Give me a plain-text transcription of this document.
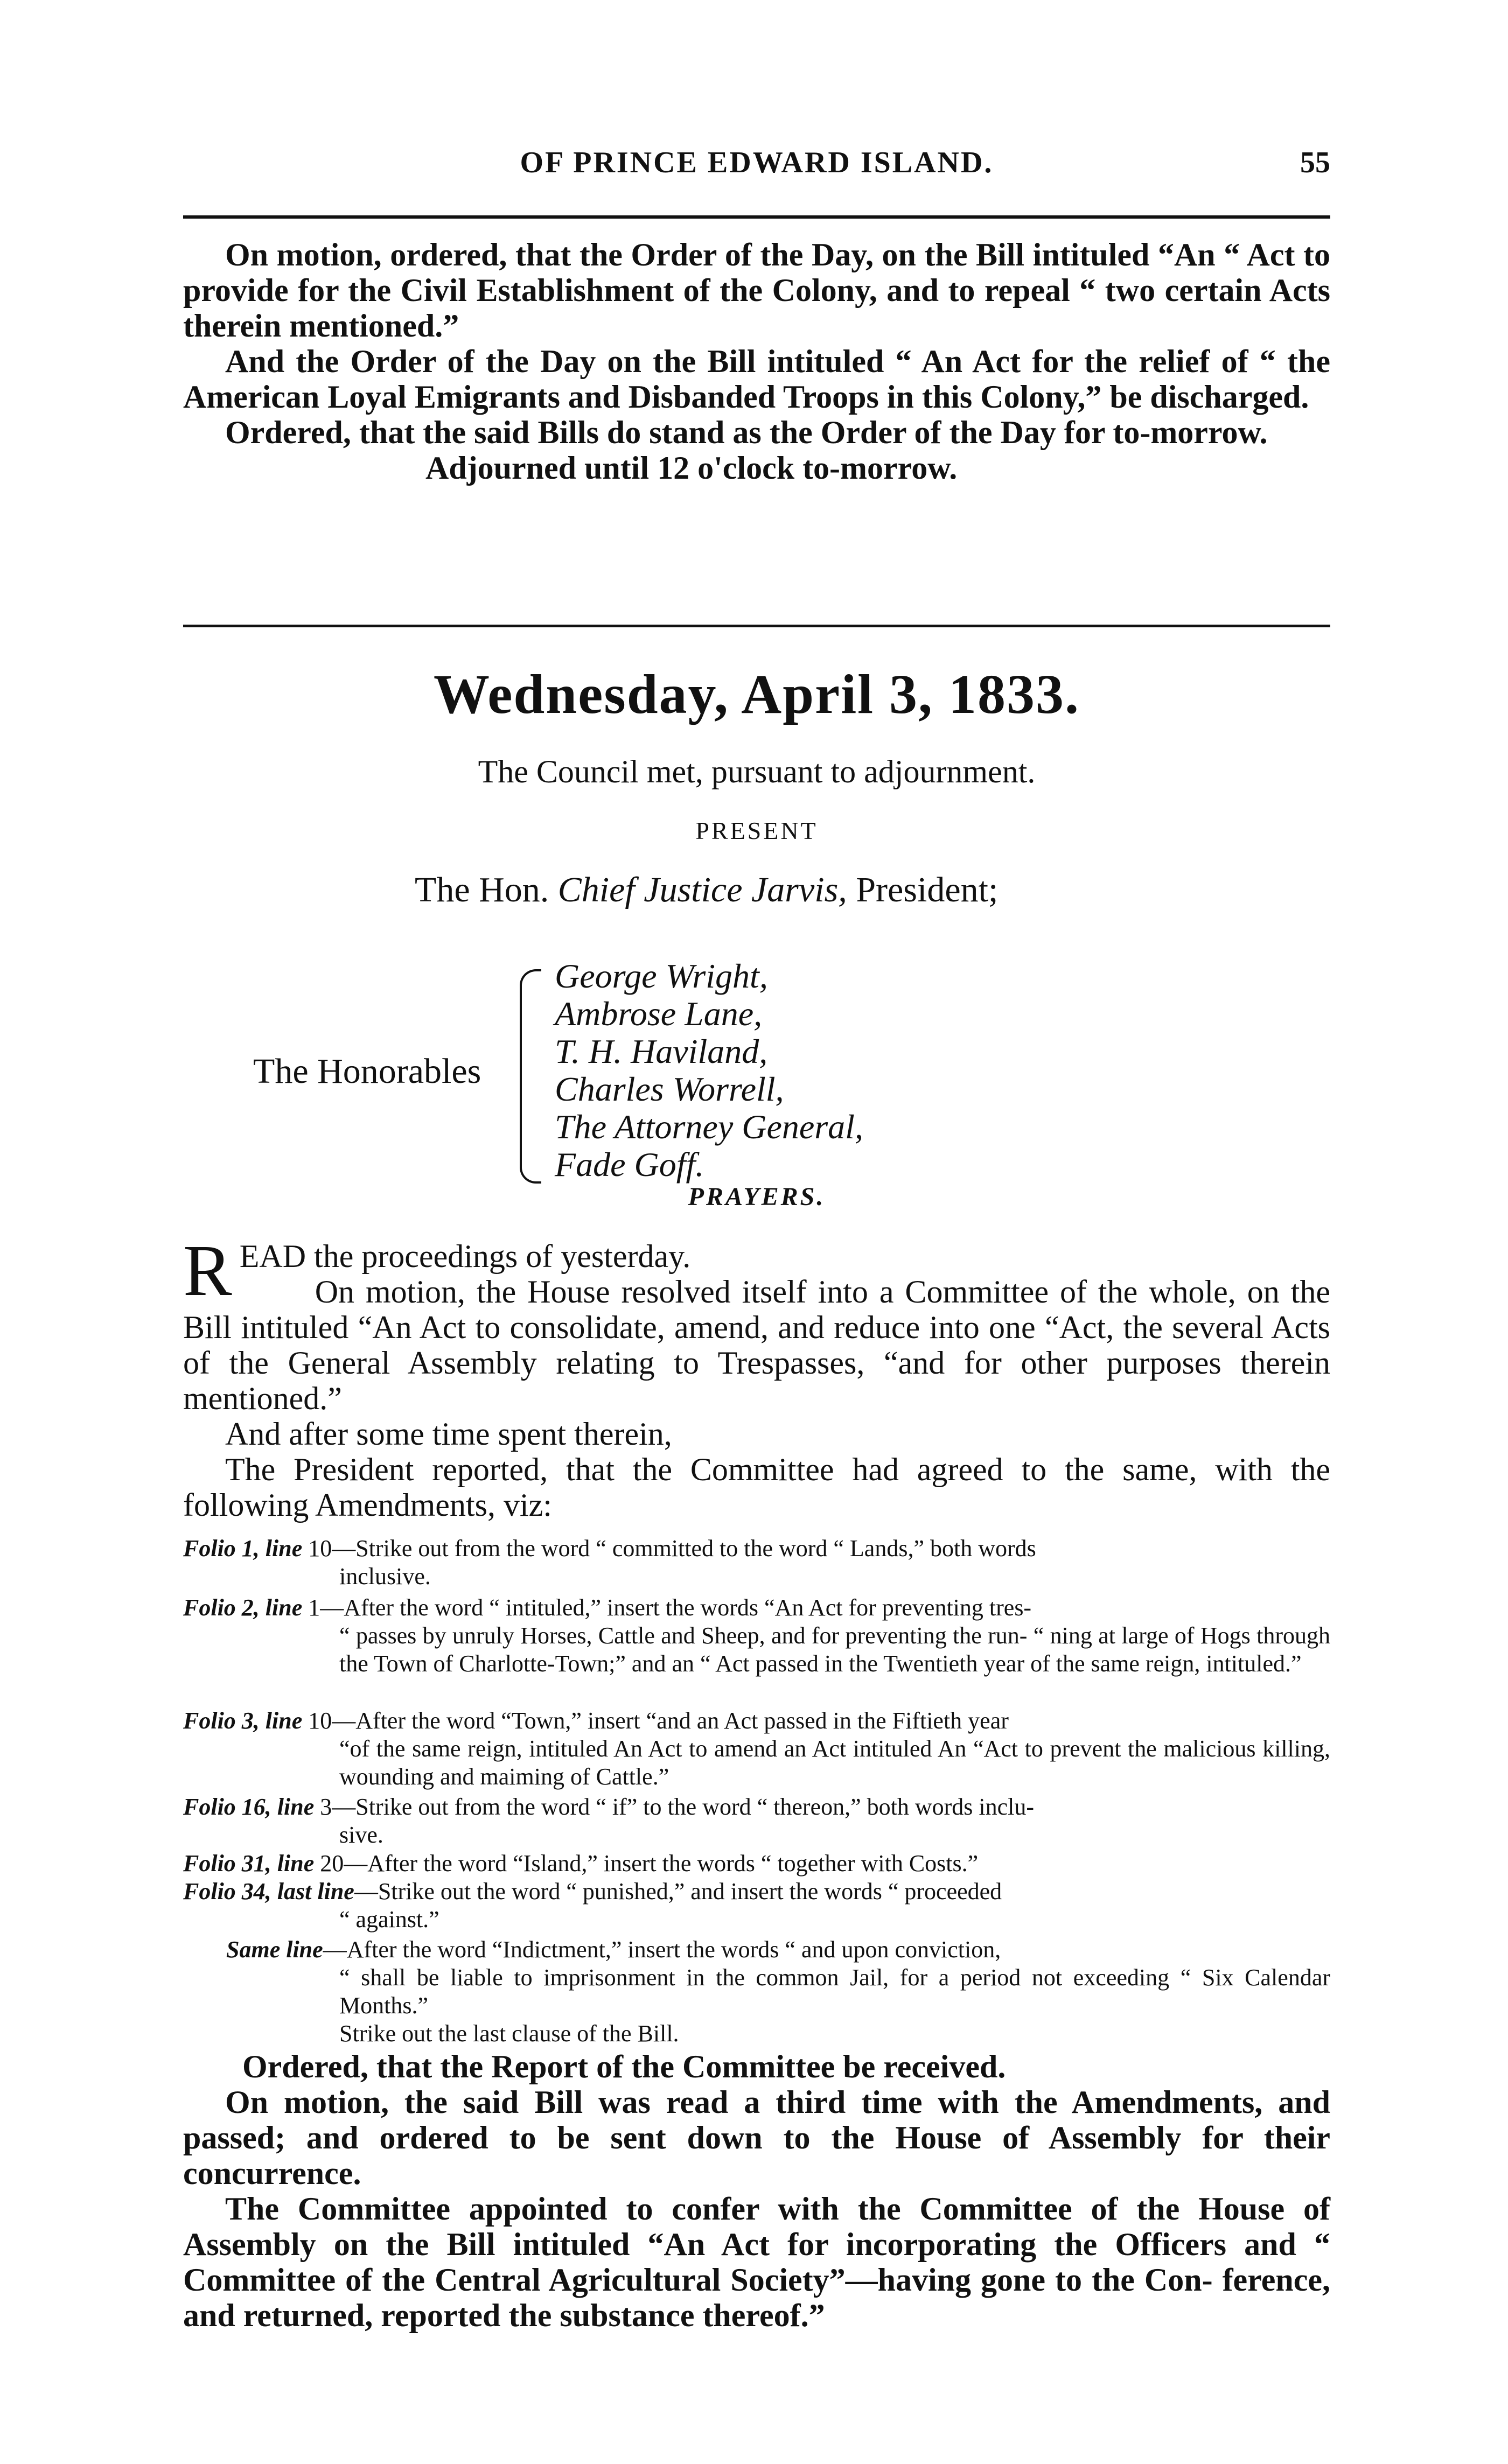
OF PRINCE EDWARD ISLAND.	55

On motion, ordered, that the Order of the Day, on the Bill intituled “An “ Act to provide for the Civil Establishment of the Colony, and to repeal “ two certain Acts therein mentioned.”

And the Order of the Day on the Bill intituled “ An Act for the relief of “ the American Loyal Emigrants and Disbanded Troops in this Colony,” be discharged.

Ordered, that the said Bills do stand as the Order of the Day for to-morrow.

Adjourned until 12 o'clock to-morrow.

Wednesday, April 3, 1833.
The Council met, pursuant to adjournment.
PRESENT
The Hon. Chief Justice Jarvis, President;
The Honorables
George Wright,
Ambrose Lane,
T. H. Haviland,
Charles Worrell,
The Attorney General,
Fade Goff.
PRAYERS.

R EAD the proceedings of yesterday.

On motion, the House resolved itself into a Committee of the whole, on the Bill intituled “An Act to consolidate, amend, and reduce into one “Act, the several Acts of the General Assembly relating to Trespasses, “and for other purposes therein mentioned.”

And after some time spent therein,

The President reported, that the Committee had agreed to the same, with the following Amendments, viz:

Folio 1, line 10—Strike out from the word “ committed to the word “ Lands,” both words
inclusive.
Folio 2, line 1—After the word “ intituled,” insert the words “An Act for preventing tres-
“ passes by unruly Horses, Cattle and Sheep, and for preventing the run- “ ning at large of Hogs through the Town of Charlotte-Town;” and an “ Act passed in the Twentieth year of the same reign, intituled.”
Folio 3, line 10—After the word “Town,” insert “and an Act passed in the Fiftieth year
“of the same reign, intituled An Act to amend an Act intituled An “Act to prevent the malicious killing, wounding and maiming of Cattle.”
Folio 16, line 3—Strike out from the word “ if” to the word “ thereon,” both words inclu-
sive.
Folio 31, line 20—After the word “Island,” insert the words “ together with Costs.”
Folio 34, last line—Strike out the word “ punished,” and insert the words “ proceeded
“ against.”
Same line—After the word “Indictment,” insert the words “ and upon conviction,
“ shall be liable to imprisonment in the common Jail, for a period not exceeding “ Six Calendar Months.”
Strike out the last clause of the Bill.

Ordered, that the Report of the Committee be received.

On motion, the said Bill was read a third time with the Amendments, and passed; and ordered to be sent down to the House of Assembly for their concurrence.

The Committee appointed to confer with the Committee of the House of Assembly on the Bill intituled “An Act for incorporating the Officers and “ Committee of the Central Agricultural Society”—having gone to the Con- ference, and returned, reported the substance thereof.”
